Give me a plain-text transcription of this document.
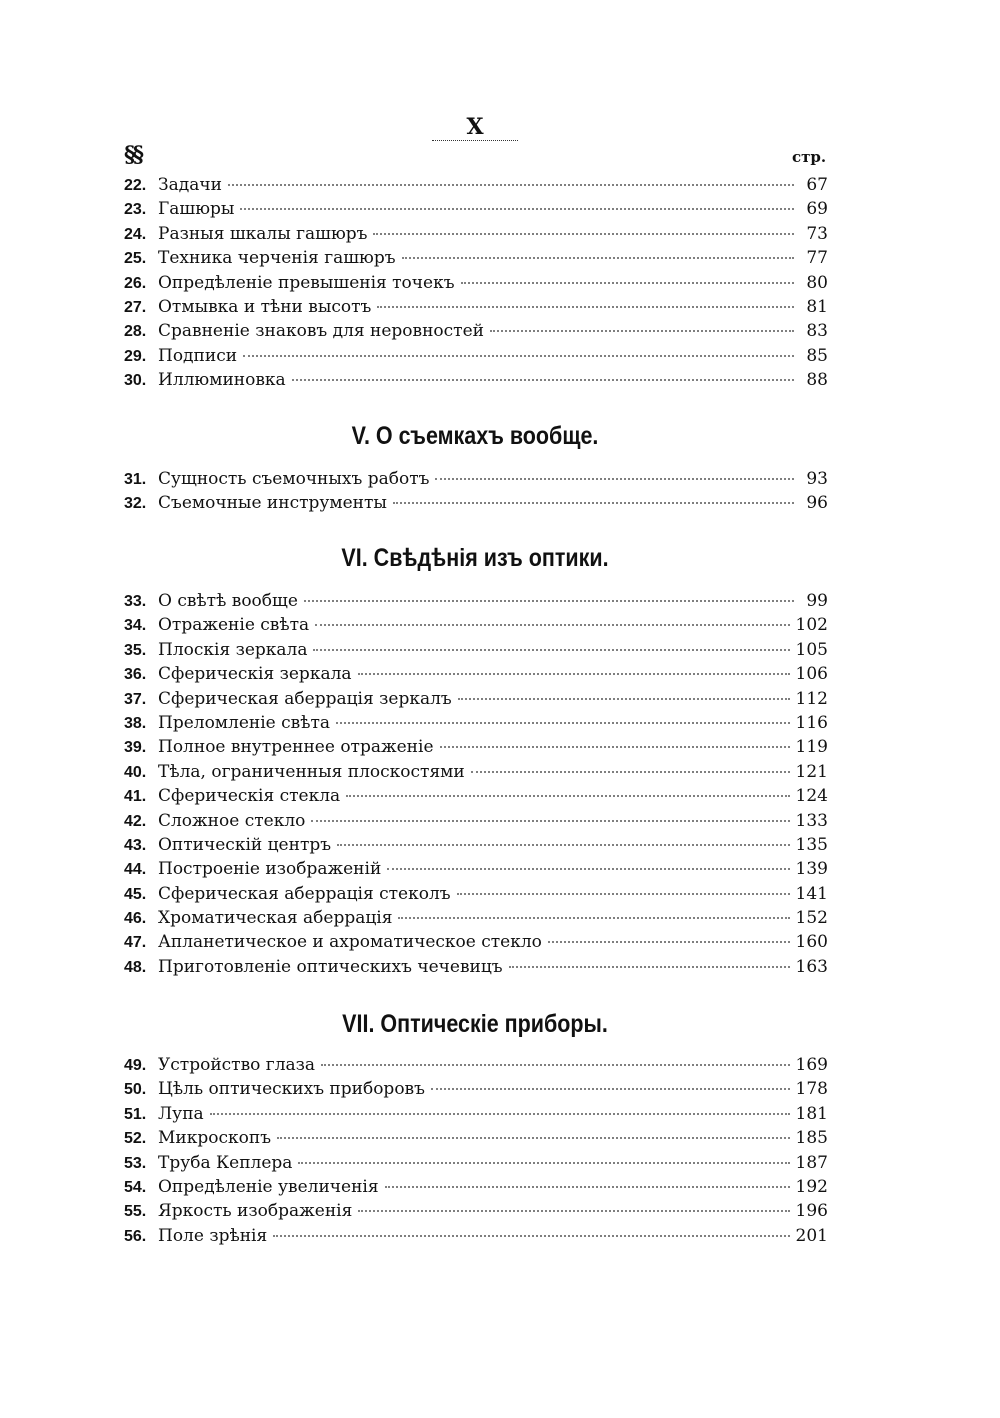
X
§§	стр.
22. Задачи	67
23. Гашюры	69
24. Разныя шкалы гашюръ	73
25. Техника черченія гашюръ	77
26. Опредѣленіе превышенія точекъ	80
27. Отмывка и тѣни высотъ	81
28. Сравненіе знаковъ для неровностей	83
29. Подписи	85
30. Иллюминовка	88
V. О съемкахъ вообще.
31. Сущность съемочныхъ работъ	93
32. Съемочные инструменты	96
VI. Свѣдѣнія изъ оптики.
33. О свѣтѣ вообще	99
34. Отраженіе свѣта	102
35. Плоскія зеркала	105
36. Сферическія зеркала	106
37. Сферическая аберрація зеркалъ	112
38. Преломленіе свѣта	116
39. Полное внутреннее отраженіе	119
40. Тѣла, ограниченныя плоскостями	121
41. Сферическія стекла	124
42. Сложное стекло	133
43. Оптическій центръ	135
44. Построеніе изображеній	139
45. Сферическая аберрація стеколъ	141
46. Хроматическая аберрація	152
47. Апланетическое и ахроматическое стекло	160
48. Приготовленіе оптическихъ чечевицъ	163
VII. Оптическіе приборы.
49. Устройство глаза	169
50. Цѣль оптическихъ приборовъ	178
51. Лупа	181
52. Микроскопъ	185
53. Труба Кеплера	187
54. Опредѣленіе увеличенія	192
55. Яркость изображенія	196
56. Поле зрѣнія	201
